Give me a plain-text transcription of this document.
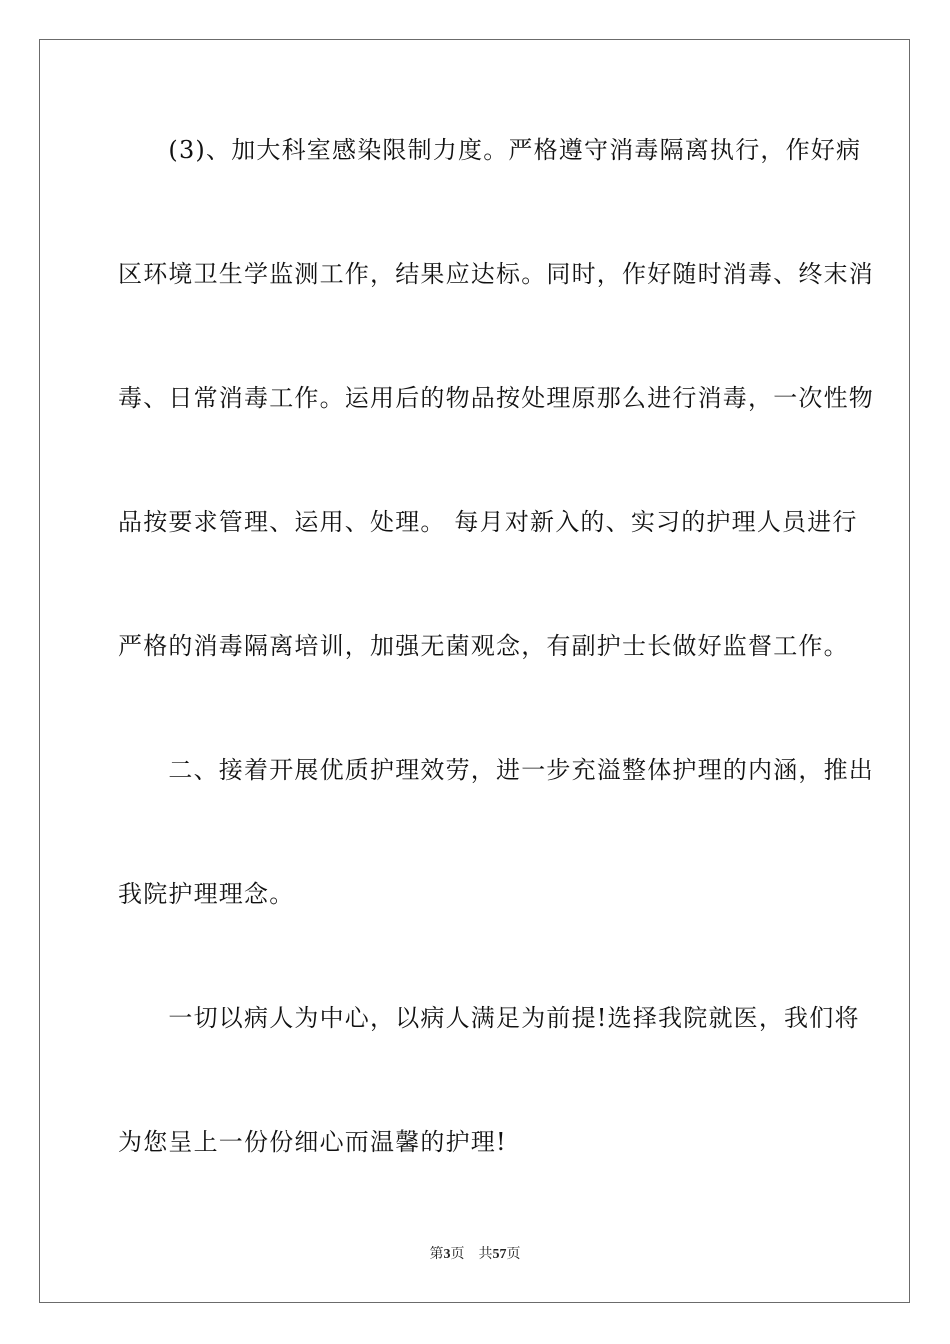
　　(3)、加大科室感染限制力度。严格遵守消毒隔离执行，作好病
区环境卫生学监测工作，结果应达标。同时，作好随时消毒、终末消
毒、日常消毒工作。运用后的物品按处理原那么进行消毒，一次性物
品按要求管理、运用、处理。 每月对新入的、实习的护理人员进行
严格的消毒隔离培训，加强无菌观念，有副护士长做好监督工作。
　　二、接着开展优质护理效劳，进一步充溢整体护理的内涵，推出
我院护理理念。
　　一切以病人为中心，以病人满足为前提!选择我院就医，我们将
为您呈上一份份细心而温馨的护理!
第3页 共57页
